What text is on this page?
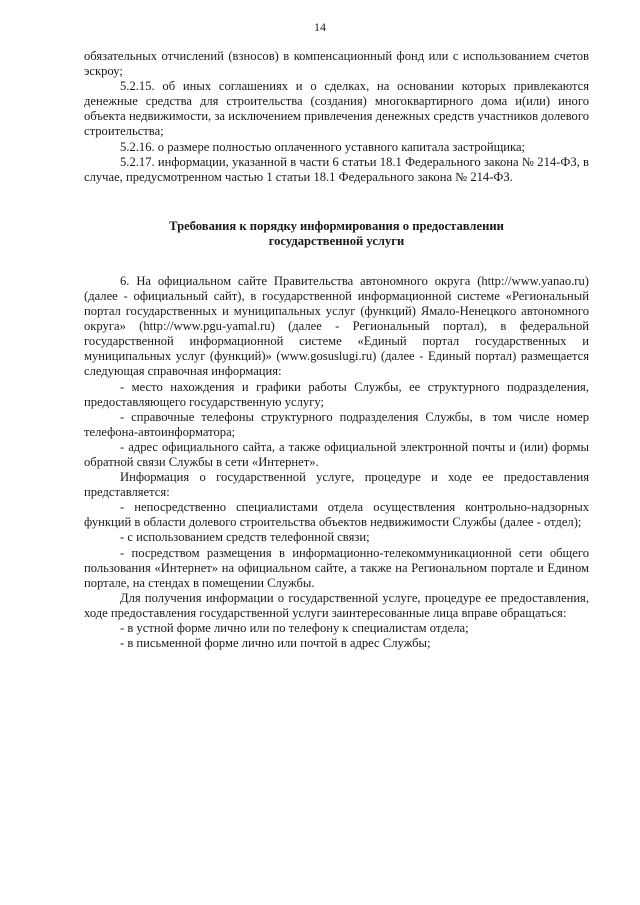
14

обязательных отчислений (взносов) в компенсационный фонд или с использованием счетов эскроу;

5.2.15. об иных соглашениях и о сделках, на основании которых привлекаются денежные средства для строительства (создания) многоквартирного дома и(или) иного объекта недвижимости, за исключением привлечения денежных средств участников долевого строительства;

5.2.16. о размере полностью оплаченного уставного капитала застройщика;

5.2.17. информации, указанной в части 6 статьи 18.1 Федерального закона № 214-ФЗ, в случае, предусмотренном частью 1 статьи 18.1 Федерального закона № 214-ФЗ.

Требования к порядку информирования о предоставлении
государственной услуги

6. На официальном сайте Правительства автономного округа (http://www.yanao.ru) (далее - официальный сайт), в государственной информационной системе «Региональный портал государственных и муниципальных услуг (функций) Ямало-Ненецкого автономного округа» (http://www.pgu-yamal.ru) (далее - Региональный портал), в федеральной государственной информационной системе «Единый портал государственных и муниципальных услуг (функций)» (www.gosuslugi.ru) (далее - Единый портал) размещается следующая справочная информация:

- место нахождения и графики работы Службы, ее структурного подразделения, предоставляющего государственную услугу;

- справочные телефоны структурного подразделения Службы, в том числе номер телефона-автоинформатора;

- адрес официального сайта, а также официальной электронной почты и (или) формы обратной связи Службы в сети «Интернет».

Информация о государственной услуге, процедуре и ходе ее предоставления представляется:

- непосредственно специалистами отдела осуществления контрольно-надзорных функций в области долевого строительства объектов недвижимости Службы (далее - отдел);

- с использованием средств телефонной связи;

- посредством размещения в информационно-телекоммуникационной сети общего пользования «Интернет» на официальном сайте, а также на Региональном портале и Едином портале, на стендах в помещении Службы.

Для получения информации о государственной услуге, процедуре ее предоставления, ходе предоставления государственной услуги заинтересованные лица вправе обращаться:

- в устной форме лично или по телефону к специалистам отдела;

- в письменной форме лично или почтой в адрес Службы;
